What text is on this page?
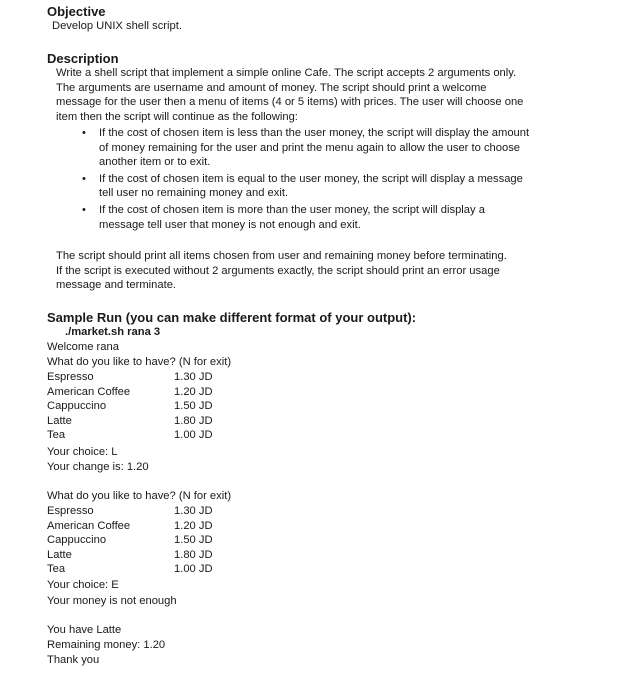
Objective
Develop UNIX shell script.
Description
Write a shell script that implement a simple online Cafe. The script accepts 2 arguments only.
The arguments are username and amount of money. The script should print a welcome
message for the user then a menu of items (4 or 5 items) with prices. The user will choose one
item then the script will continue as the following:
• If the cost of chosen item is less than the user money, the script will display the amount
of money remaining for the user and print the menu again to allow the user to choose
another item or to exit.
• If the cost of chosen item is equal to the user money, the script will display a message
tell user no remaining money and exit.
• If the cost of chosen item is more than the user money, the script will display a
message tell user that money is not enough and exit.
The script should print all items chosen from user and remaining money before terminating.
If the script is executed without 2 arguments exactly, the script should print an error usage
message and terminate.
Sample Run (you can make different format of your output):
./market.sh rana 3
Welcome rana
What do you like to have? (N for exit)
Espresso	1.30 JD
American Coffee	1.20 JD
Cappuccino	1.50 JD
Latte	1.80 JD
Tea	1.00 JD
Your choice: L
Your change is: 1.20
What do you like to have? (N for exit)
Espresso	1.30 JD
American Coffee	1.20 JD
Cappuccino	1.50 JD
Latte	1.80 JD
Tea	1.00 JD
Your choice: E
Your money is not enough
You have Latte
Remaining money: 1.20
Thank you
